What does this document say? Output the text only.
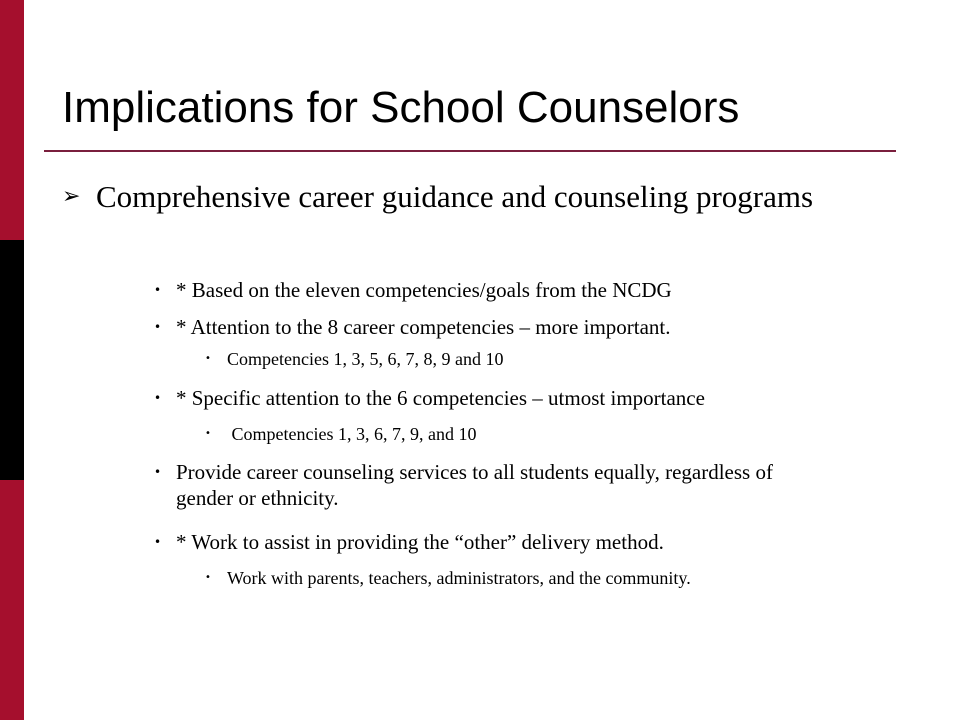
Implications for School Counselors
➢ Comprehensive career guidance and counseling programs
• * Based on the eleven competencies/goals from the NCDG
• * Attention to the 8 career competencies – more important.
• Competencies 1, 3, 5, 6, 7, 8, 9 and 10
• * Specific attention to the 6 competencies – utmost importance
• Competencies 1, 3, 6, 7, 9, and 10
• Provide career counseling services to all students equally, regardless of gender or ethnicity.
• * Work to assist in providing the “other” delivery method.
• Work with parents, teachers, administrators, and the community.
